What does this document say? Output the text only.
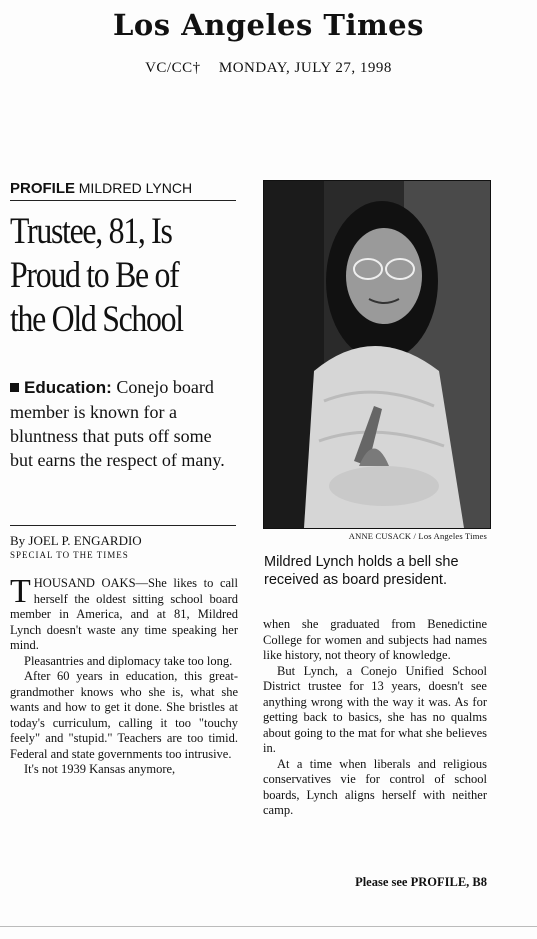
Los Angeles Times
VC/CC† MONDAY, JULY 27, 1998
PROFILE MILDRED LYNCH
Trustee, 81, Is
Proud to Be of
the Old School
Education: Conejo board member is known for a bluntness that puts off some but earns the respect of many.
By JOEL P. ENGARDIO
SPECIAL TO THE TIMES
ANNE CUSACK / Los Angeles Times
Mildred Lynch holds a bell she received as board president.

THOUSAND OAKS—She likes to call herself the oldest sitting school board member in America, and at 81, Mildred Lynch doesn't waste any time speaking her mind.

Pleasantries and diplomacy take too long.

After 60 years in education, this great-grandmother knows who she is, what she wants and how to get it done. She bristles at today's curriculum, calling it too "touchy feely" and "stupid." Teachers are too timid. Federal and state governments too intrusive.

It's not 1939 Kansas anymore,

when she graduated from Benedictine College for women and subjects had names like history, not theory of knowledge.

But Lynch, a Conejo Unified School District trustee for 13 years, doesn't see anything wrong with the way it was. As for getting back to basics, she has no qualms about going to the mat for what she believes in.

At a time when liberals and religious conservatives vie for control of school boards, Lynch aligns herself with neither camp.

Please see PROFILE, B8
